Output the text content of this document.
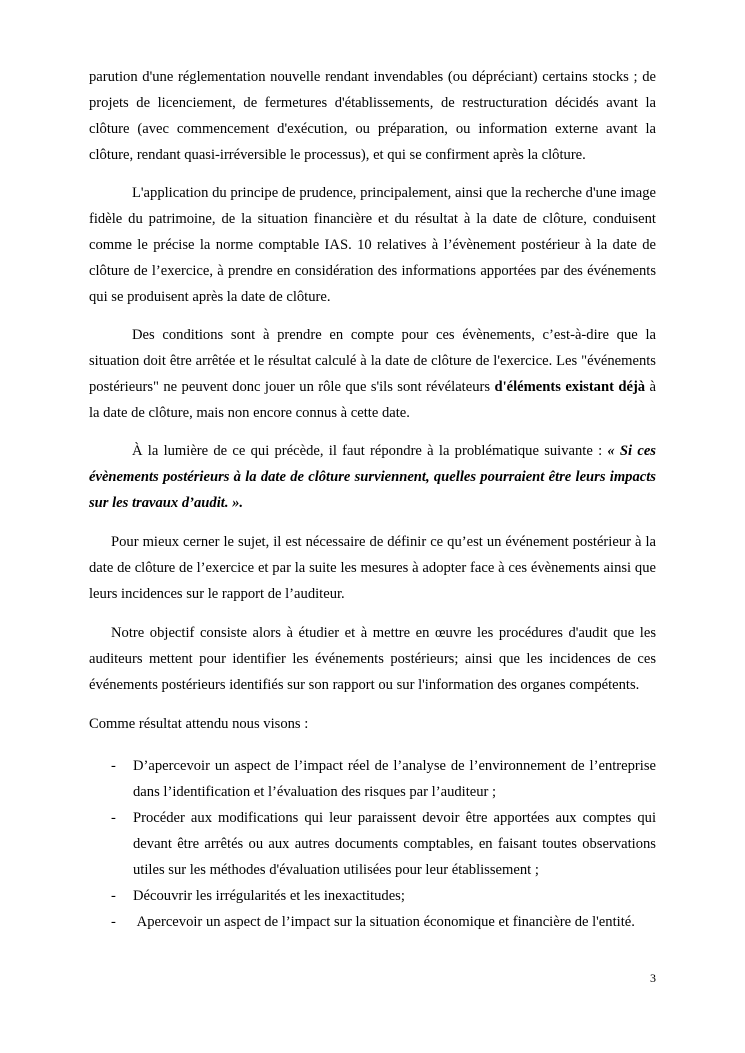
parution d'une réglementation nouvelle rendant invendables (ou dépréciant) certains stocks ; de projets de licenciement, de fermetures d'établissements, de restructuration décidés avant la clôture (avec commencement d'exécution, ou préparation, ou information externe avant la clôture, rendant quasi-irréversible le processus), et qui se confirment après la clôture.

L'application du principe de prudence, principalement, ainsi que la recherche d'une image fidèle du patrimoine, de la situation financière et du résultat à la date de clôture, conduisent comme le précise la norme comptable IAS. 10 relatives à l’évènement postérieur à la date de clôture de l’exercice, à prendre en considération des informations apportées par des événements qui se produisent après la date de clôture.

Des conditions sont à prendre en compte pour ces évènements, c’est-à-dire que la situation doit être arrêtée et le résultat calculé à la date de clôture de l'exercice. Les "événements postérieurs" ne peuvent donc jouer un rôle que s'ils sont révélateurs d'éléments existant déjà à la date de clôture, mais non encore connus à cette date.

À la lumière de ce qui précède, il faut répondre à la problématique suivante : « Si ces évènements postérieurs à la date de clôture surviennent, quelles pourraient être leurs impacts sur les travaux d’audit. ».

Pour mieux cerner le sujet, il est nécessaire de définir ce qu’est un événement postérieur à la date de clôture de l’exercice et par la suite les mesures à adopter face à ces évènements ainsi que leurs incidences sur le rapport de l’auditeur.

Notre objectif consiste alors à étudier et à mettre en œuvre les procédures d'audit que les auditeurs mettent pour identifier les événements postérieurs; ainsi que les incidences de ces événements postérieurs identifiés sur son rapport ou sur l'information des organes compétents.

Comme résultat attendu nous visons :

- D’apercevoir un aspect de l’impact réel de l’analyse de l’environnement de l’entreprise dans l’identification et l’évaluation des risques par l’auditeur ;
- Procéder aux modifications qui leur paraissent devoir être apportées aux comptes qui devant être arrêtés ou aux autres documents comptables, en faisant toutes observations utiles sur les méthodes d'évaluation utilisées pour leur établissement ;
- Découvrir les irrégularités et les inexactitudes;
- Apercevoir un aspect de l’impact sur la situation économique et financière de l'entité.
3
